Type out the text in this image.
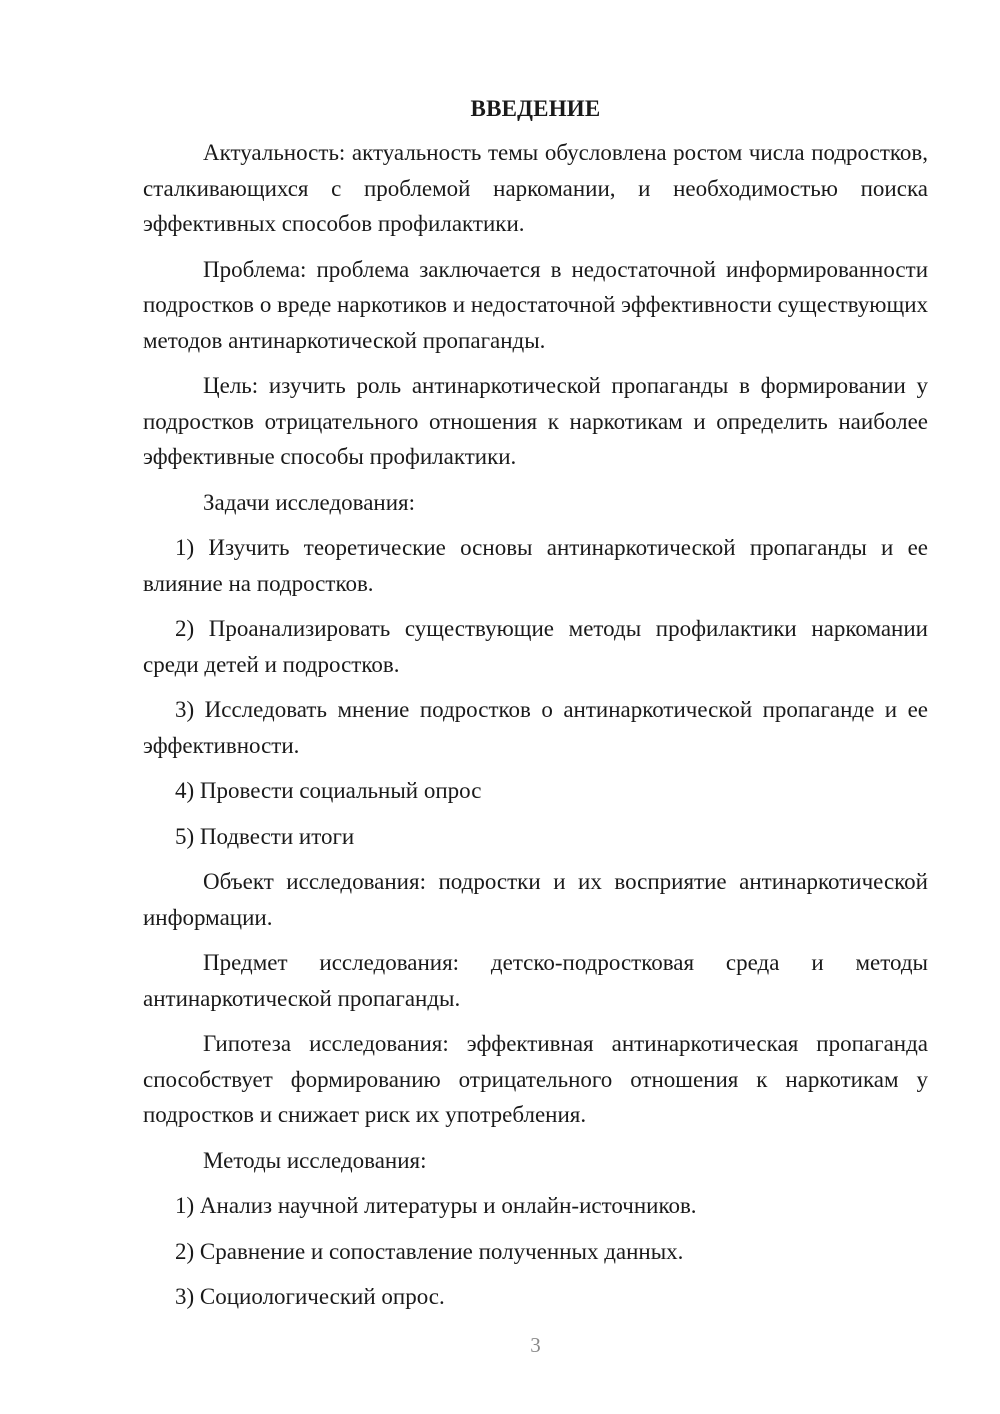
ВВЕДЕНИЕ

Актуальность: актуальность темы обусловлена ростом числа подростков, сталкивающихся с проблемой наркомании, и необходимостью поиска эффективных способов профилактики.

Проблема: проблема заключается в недостаточной информированности подростков о вреде наркотиков и недостаточной эффективности существующих методов антинаркотической пропаганды.

Цель: изучить роль антинаркотической пропаганды в формировании у подростков отрицательного отношения к наркотикам и определить наиболее эффективные способы профилактики.

Задачи исследования:

1) Изучить теоретические основы антинаркотической пропаганды и ее влияние на подростков.

2) Проанализировать существующие методы профилактики наркомании среди детей и подростков.

3) Исследовать мнение подростков о антинаркотической пропаганде и ее эффективности.

4) Провести социальный опрос

5) Подвести итоги

Объект исследования: подростки и их восприятие антинаркотической информации.

Предмет исследования: детско-подростковая среда и методы антинаркотической пропаганды.

Гипотеза исследования: эффективная антинаркотическая пропаганда способствует формированию отрицательного отношения к наркотикам у подростков и снижает риск их употребления.

Методы исследования:

1) Анализ научной литературы и онлайн-источников.

2) Сравнение и сопоставление полученных данных.

3) Социологический опрос.

3
